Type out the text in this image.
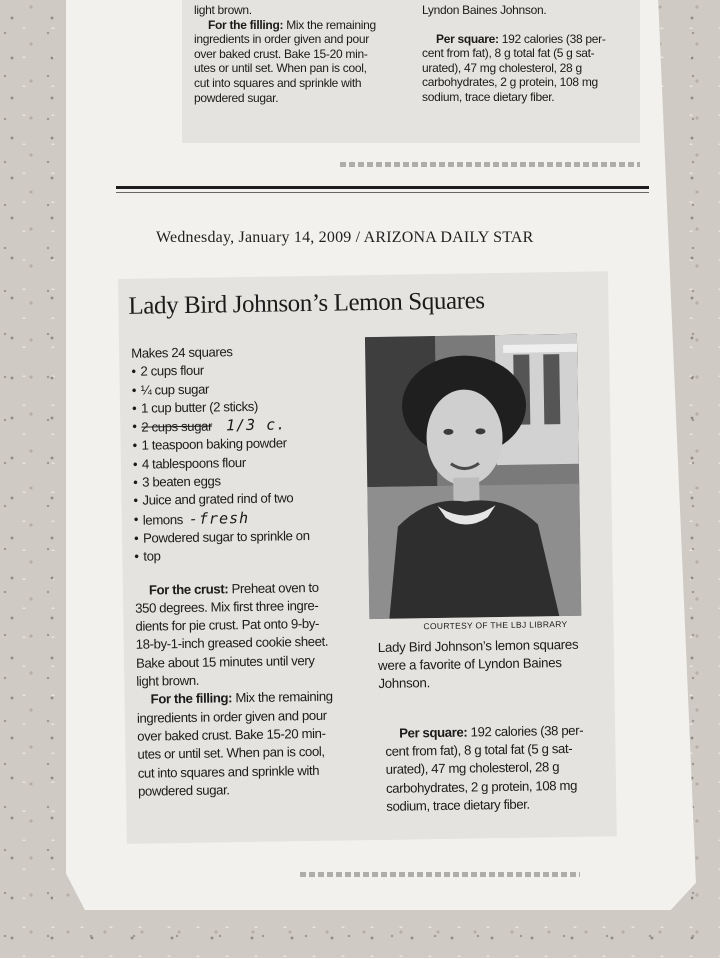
light brown.
For the filling: Mix the remaining
ingredients in order given and pour
over baked crust. Bake 15-20 min-
utes or until set. When pan is cool,
cut into squares and sprinkle with
powdered sugar.
Lyndon Baines Johnson.
Per square: 192 calories (38 per-
cent from fat), 8 g total fat (5 g sat-
urated), 47 mg cholesterol, 28 g
carbohydrates, 2 g protein, 108 mg
sodium, trace dietary fiber.
Wednesday, January 14, 2009 / ARIZONA DAILY STAR
Lady Bird Johnson’s Lemon Squares
Makes 24 squares
• 2 cups flour
• ¼ cup sugar
• 1 cup butter (2 sticks)
• 2 cups sugar 1/3 c.
• 1 teaspoon baking powder
• 4 tablespoons flour
• 3 beaten eggs
• Juice and grated rind of two
• lemons -fresh
• Powdered sugar to sprinkle on
• top
For the crust: Preheat oven to
350 degrees. Mix first three ingre-
dients for pie crust. Pat onto 9-by-
18-by-1-inch greased cookie sheet.
Bake about 15 minutes until very
light brown.
For the filling: Mix the remaining
ingredients in order given and pour
over baked crust. Bake 15-20 min-
utes or until set. When pan is cool,
cut into squares and sprinkle with
powdered sugar.
COURTESY OF THE LBJ LIBRARY
Lady Bird Johnson’s lemon squares were a favorite of Lyndon Baines Johnson.
Per square: 192 calories (38 per-
cent from fat), 8 g total fat (5 g sat-
urated), 47 mg cholesterol, 28 g
carbohydrates, 2 g protein, 108 mg
sodium, trace dietary fiber.
